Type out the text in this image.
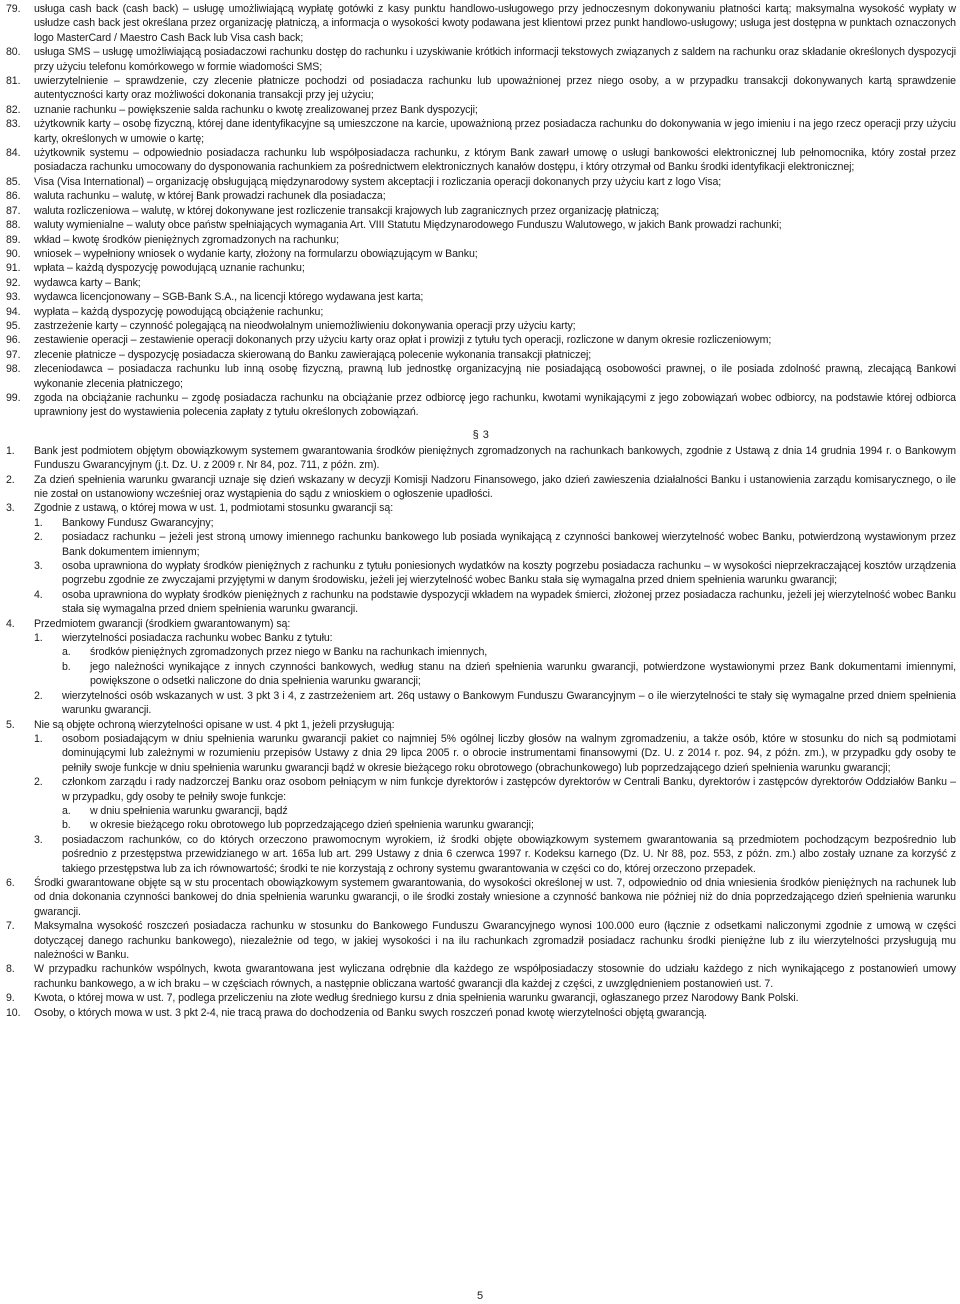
79.	usługa cash back (cash back) – usługę umożliwiającą wypłatę gotówki z kasy punktu handlowo-usługowego przy jednoczesnym dokonywaniu płatności kartą; maksymalna wysokość wypłaty w usłudze cash back jest określana przez organizację płatniczą, a informacja o wysokości kwoty podawana jest klientowi przez punkt handlowo-usługowy; usługa jest dostępna w punktach oznaczonych logo MasterCard / Maestro Cash Back lub Visa cash back;
80.	usługa SMS – usługę umożliwiającą posiadaczowi rachunku dostęp do rachunku i uzyskiwanie krótkich informacji tekstowych związanych z saldem na rachunku oraz składanie określonych dyspozycji przy użyciu telefonu komórkowego w formie wiadomości SMS;
81.	uwierzytelnienie – sprawdzenie, czy zlecenie płatnicze pochodzi od posiadacza rachunku lub upoważnionej przez niego osoby, a w przypadku transakcji dokonywanych kartą sprawdzenie autentyczności karty oraz możliwości dokonania transakcji przy jej użyciu;
82.	uznanie rachunku – powiększenie salda rachunku o kwotę zrealizowanej przez Bank dyspozycji;
83.	użytkownik karty – osobę fizyczną, której dane identyfikacyjne są umieszczone na karcie, upoważnioną przez posiadacza rachunku do dokonywania w jego imieniu i na jego rzecz operacji przy użyciu karty, określonych w umowie o kartę;
84.	użytkownik systemu – odpowiednio posiadacza rachunku lub współposiadacza rachunku, z którym Bank zawarł umowę o usługi bankowości elektronicznej lub pełnomocnika, który został przez posiadacza rachunku umocowany do dysponowania rachunkiem za pośrednictwem elektronicznych kanałów dostępu, i który otrzymał od Banku środki identyfikacji elektronicznej;
85.	Visa (Visa International) – organizację obsługującą międzynarodowy system akceptacji i rozliczania operacji dokonanych przy użyciu kart z logo Visa;
86.	waluta rachunku – walutę, w której Bank prowadzi rachunek dla posiadacza;
87.	waluta rozliczeniowa – walutę, w której dokonywane jest rozliczenie transakcji krajowych lub zagranicznych przez organizację płatniczą;
88.	waluty wymienialne – waluty obce państw spełniających wymagania Art. VIII Statutu Międzynarodowego Funduszu Walutowego, w jakich Bank prowadzi rachunki;
89.	wkład – kwotę środków pieniężnych zgromadzonych na rachunku;
90.	wniosek – wypełniony wniosek o wydanie karty, złożony na formularzu obowiązującym w Banku;
91.	wpłata – każdą dyspozycję powodującą uznanie rachunku;
92.	wydawca karty – Bank;
93.	wydawca licencjonowany – SGB-Bank S.A., na licencji którego wydawana jest karta;
94.	wypłata – każdą dyspozycję powodującą obciążenie rachunku;
95.	zastrzeżenie karty – czynność polegającą na nieodwołalnym uniemożliwieniu dokonywania operacji przy użyciu karty;
96.	zestawienie operacji – zestawienie operacji dokonanych przy użyciu karty oraz opłat i prowizji z tytułu tych operacji, rozliczone w danym okresie rozliczeniowym;
97.	zlecenie płatnicze – dyspozycję posiadacza skierowaną do Banku zawierającą polecenie wykonania transakcji płatniczej;
98.	zleceniodawca – posiadacza rachunku lub inną osobę fizyczną, prawną lub jednostkę organizacyjną nie posiadającą osobowości prawnej, o ile posiada zdolność prawną, zlecającą Bankowi wykonanie zlecenia płatniczego;
99.	zgoda na obciążanie rachunku – zgodę posiadacza rachunku na obciążanie przez odbiorcę jego rachunku, kwotami wynikającymi z jego zobowiązań wobec odbiorcy, na podstawie której odbiorca uprawniony jest do wystawienia polecenia zapłaty z tytułu określonych zobowiązań.
§ 3
1.	Bank jest podmiotem objętym obowiązkowym systemem gwarantowania środków pieniężnych zgromadzonych na rachunkach bankowych, zgodnie z Ustawą z dnia 14 grudnia 1994 r. o Bankowym Funduszu Gwarancyjnym (j.t. Dz. U. z 2009 r. Nr 84, poz. 711, z późn. zm).
2.	Za dzień spełnienia warunku gwarancji uznaje się dzień wskazany w decyzji Komisji Nadzoru Finansowego, jako dzień zawieszenia działalności Banku i ustanowienia zarządu komisarycznego, o ile nie został on ustanowiony wcześniej oraz wystąpienia do sądu z wnioskiem o ogłoszenie upadłości.
3.	Zgodnie z ustawą, o której mowa w ust. 1, podmiotami stosunku gwarancji są:
1.	Bankowy Fundusz Gwarancyjny;
2.	posiadacz rachunku – jeżeli jest stroną umowy imiennego rachunku bankowego lub posiada wynikającą z czynności bankowej wierzytelność wobec Banku, potwierdzoną wystawionym przez Bank dokumentem imiennym;
3.	osoba uprawniona do wypłaty środków pieniężnych z rachunku z tytułu poniesionych wydatków na koszty pogrzebu posiadacza rachunku – w wysokości nieprzekraczającej kosztów urządzenia pogrzebu zgodnie ze zwyczajami przyjętymi w danym środowisku, jeżeli jej wierzytelność wobec Banku stała się wymagalna przed dniem spełnienia warunku gwarancji;
4.	osoba uprawniona do wypłaty środków pieniężnych z rachunku na podstawie dyspozycji wkładem na wypadek śmierci, złożonej przez posiadacza rachunku, jeżeli jej wierzytelność wobec Banku stała się wymagalna przed dniem spełnienia warunku gwarancji.
4.	Przedmiotem gwarancji (środkiem gwarantowanym) są:
1.	wierzytelności posiadacza rachunku wobec Banku z tytułu:
a.	środków pieniężnych zgromadzonych przez niego w Banku na rachunkach imiennych,
b.	jego należności wynikające z innych czynności bankowych, według stanu na dzień spełnienia warunku gwarancji, potwierdzone wystawionymi przez Bank dokumentami imiennymi, powiększone o odsetki naliczone do dnia spełnienia warunku gwarancji;
2.	wierzytelności osób wskazanych w ust. 3 pkt 3 i 4, z zastrzeżeniem art. 26q ustawy o Bankowym Funduszu Gwarancyjnym – o ile wierzytelności te stały się wymagalne przed dniem spełnienia warunku gwarancji.
5.	Nie są objęte ochroną wierzytelności opisane w ust. 4 pkt 1, jeżeli przysługują:
1.	osobom posiadającym w dniu spełnienia warunku gwarancji pakiet co najmniej 5% ogólnej liczby głosów na walnym zgromadzeniu, a także osób, które w stosunku do nich są podmiotami dominującymi lub zależnymi w rozumieniu przepisów Ustawy z dnia 29 lipca 2005 r. o obrocie instrumentami finansowymi (Dz. U. z 2014 r. poz. 94, z późn. zm.), w przypadku gdy osoby te pełniły swoje funkcje w dniu spełnienia warunku gwarancji bądź w okresie bieżącego roku obrotowego (obrachunkowego) lub poprzedzającego dzień spełnienia warunku gwarancji;
2.	członkom zarządu i rady nadzorczej Banku oraz osobom pełniącym w nim funkcje dyrektorów i zastępców dyrektorów w Centrali Banku, dyrektorów i zastępców dyrektorów Oddziałów Banku – w przypadku, gdy osoby te pełniły swoje funkcje:
a.	w dniu spełnienia warunku gwarancji, bądź
b.	w okresie bieżącego roku obrotowego lub poprzedzającego dzień spełnienia warunku gwarancji;
3.	posiadaczom rachunków, co do których orzeczono prawomocnym wyrokiem, iż środki objęte obowiązkowym systemem gwarantowania są przedmiotem pochodzącym bezpośrednio lub pośrednio z przestępstwa przewidzianego w art. 165a lub art. 299 Ustawy z dnia 6 czerwca 1997 r. Kodeksu karnego (Dz. U. Nr 88, poz. 553, z późn. zm.) albo zostały uznane za korzyść z takiego przestępstwa lub za ich równowartość; środki te nie korzystają z ochrony systemu gwarantowania w części co do, której orzeczono przepadek.
6.	Środki gwarantowane objęte są w stu procentach obowiązkowym systemem gwarantowania, do wysokości określonej w ust. 7, odpowiednio od dnia wniesienia środków pieniężnych na rachunek lub od dnia dokonania czynności bankowej do dnia spełnienia warunku gwarancji, o ile środki zostały wniesione a czynność bankowa nie później niż do dnia poprzedzającego dzień spełnienia warunku gwarancji.
7.	Maksymalna wysokość roszczeń posiadacza rachunku w stosunku do Bankowego Funduszu Gwarancyjnego wynosi 100.000 euro (łącznie z odsetkami naliczonymi zgodnie z umową w części dotyczącej danego rachunku bankowego), niezależnie od tego, w jakiej wysokości i na ilu rachunkach zgromadził posiadacz rachunku środki pieniężne lub z ilu wierzytelności przysługują mu należności w Banku.
8.	W przypadku rachunków wspólnych, kwota gwarantowana jest wyliczana odrębnie dla każdego ze współposiadaczy stosownie do udziału każdego z nich wynikającego z postanowień umowy rachunku bankowego, a w ich braku – w częściach równych, a następnie obliczana wartość gwarancji dla każdej z części, z uwzględnieniem postanowień ust. 7.
9.	Kwota, o której mowa w ust. 7, podlega przeliczeniu na złote według średniego kursu z dnia spełnienia warunku gwarancji, ogłaszanego przez Narodowy Bank Polski.
10.	Osoby, o których mowa w ust. 3 pkt 2-4, nie tracą prawa do dochodzenia od Banku swych roszczeń ponad kwotę wierzytelności objętą gwarancją.
5
